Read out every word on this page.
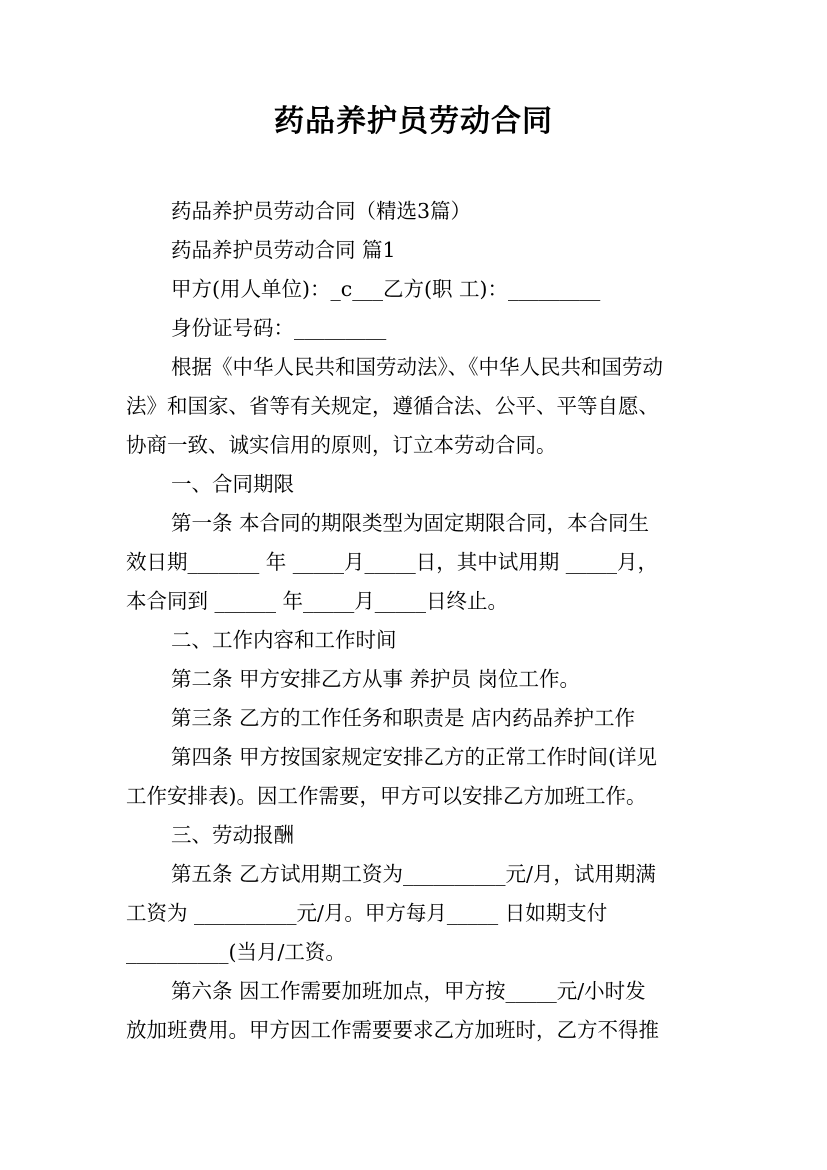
药品养护员劳动合同
药品养护员劳动合同（精选3篇）
药品养护员劳动合同 篇1
甲方(用人单位)：_c___乙方(职 工)：_________
身份证号码：_________
根据《中华人民共和国劳动法》、《中华人民共和国劳动
法》和国家、省等有关规定，遵循合法、公平、平等自愿、
协商一致、诚实信用的原则，订立本劳动合同。
一、合同期限
第一条 本合同的期限类型为固定期限合同，本合同生
效日期_______ 年 _____月_____日，其中试用期 _____月，
本合同到 ______ 年_____月_____日终止。
二、工作内容和工作时间
第二条 甲方安排乙方从事 养护员 岗位工作。
第三条 乙方的工作任务和职责是 店内药品养护工作
第四条 甲方按国家规定安排乙方的正常工作时间(详见
工作安排表)。因工作需要，甲方可以安排乙方加班工作。
三、劳动报酬
第五条 乙方试用期工资为__________元/月，试用期满
工资为 __________元/月。甲方每月_____ 日如期支付
__________(当月/工资。
第六条 因工作需要加班加点，甲方按_____元/小时发
放加班费用。甲方因工作需要要求乙方加班时，乙方不得推
